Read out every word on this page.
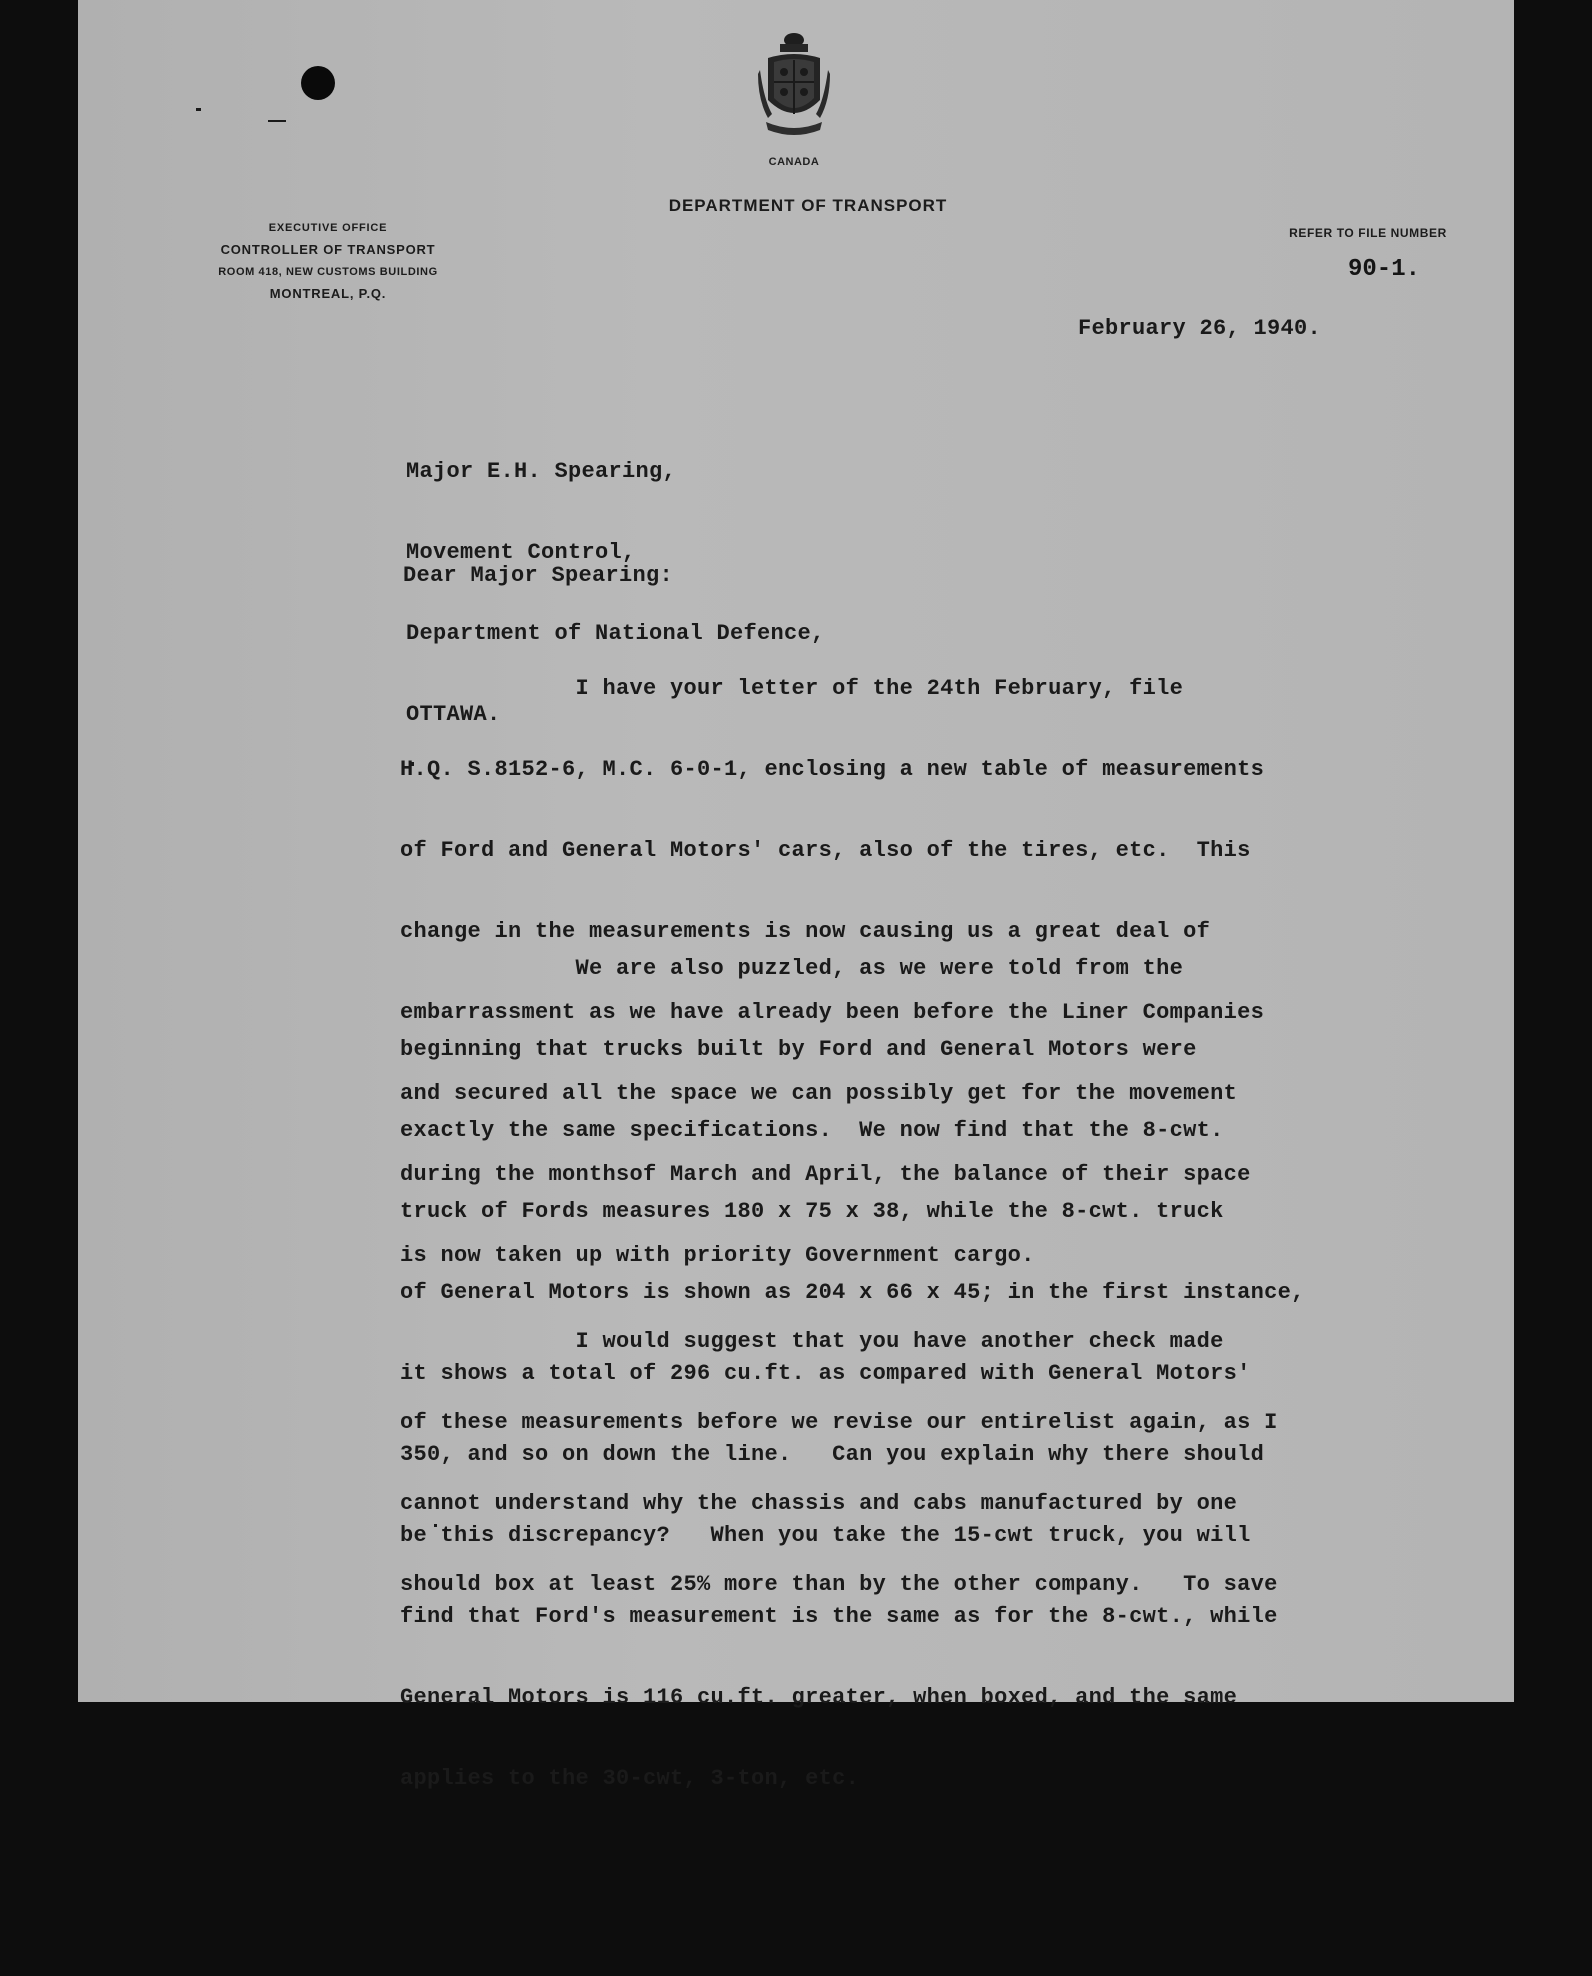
CANADA
DEPARTMENT OF TRANSPORT
EXECUTIVE OFFICE
CONTROLLER OF TRANSPORT
ROOM 418, NEW CUSTOMS BUILDING
MONTREAL, P.Q.
REFER TO FILE NUMBER
90-1.
February 26, 1940.

Major E.H. Spearing,

Movement Control,

Department of National Defence,

OTTAWA.

Dear Major Spearing:

I have your letter of the 24th February, file

H.Q. S.8152-6, M.C. 6-0-1, enclosing a new table of measurements

of Ford and General Motors' cars, also of the tires, etc.  This

change in the measurements is now causing us a great deal of

embarrassment as we have already been before the Liner Companies

and secured all the space we can possibly get for the movement

during the monthsof March and April, the balance of their space

is now taken up with priority Government cargo.

We are also puzzled, as we were told from the

beginning that trucks built by Ford and General Motors were

exactly the same specifications.  We now find that the 8-cwt.

truck of Fords measures 180 x 75 x 38, while the 8-cwt. truck

of General Motors is shown as 204 x 66 x 45; in the first instance,

it shows a total of 296 cu.ft. as compared with General Motors'

350, and so on down the line.   Can you explain why there should

be this discrepancy?   When you take the 15-cwt truck, you will

find that Ford's measurement is the same as for the 8-cwt., while

General Motors is 116 cu.ft. greater, when boxed, and the same

applies to the 30-cwt, 3-ton, etc.

I would suggest that you have another check made

of these measurements before we revise our entirelist again, as I

cannot understand why the chassis and cabs manufactured by one

should box at least 25% more than by the other company.   To save
